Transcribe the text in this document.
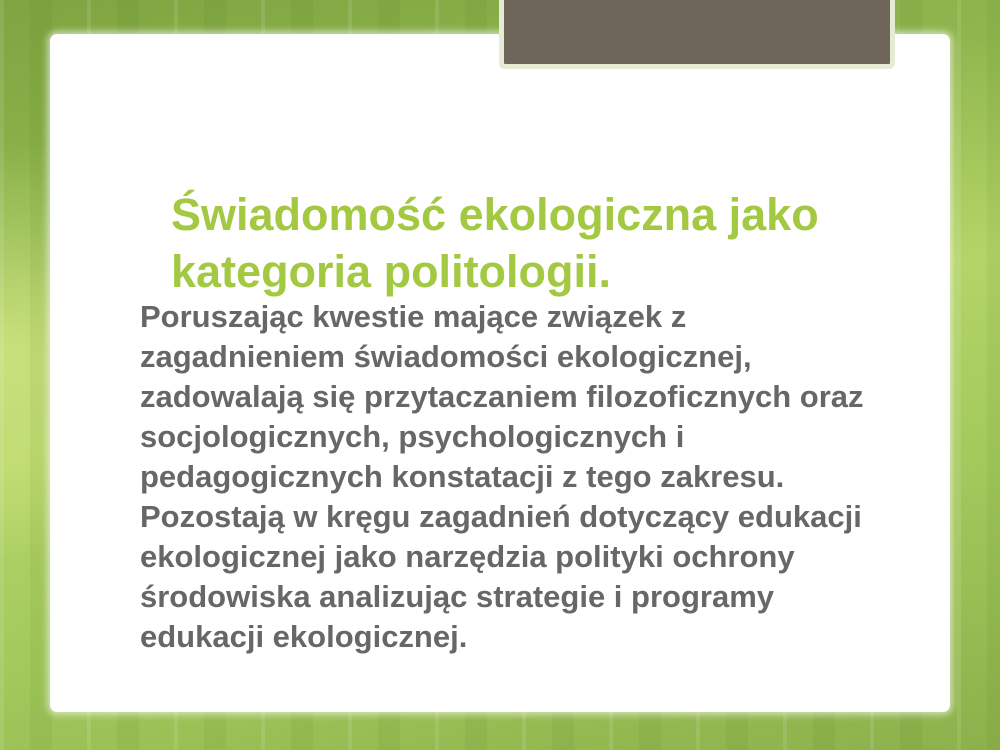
Świadomość ekologiczna jako
kategoria politologii.
Poruszając kwestie mające związek z
zagadnieniem świadomości ekologicznej,
zadowalają się przytaczaniem filozoficznych oraz
socjologicznych, psychologicznych i
pedagogicznych konstatacji z tego zakresu.
Pozostają w kręgu zagadnień dotyczący edukacji
ekologicznej jako narzędzia polityki ochrony
środowiska analizując strategie i programy
edukacji ekologicznej.
